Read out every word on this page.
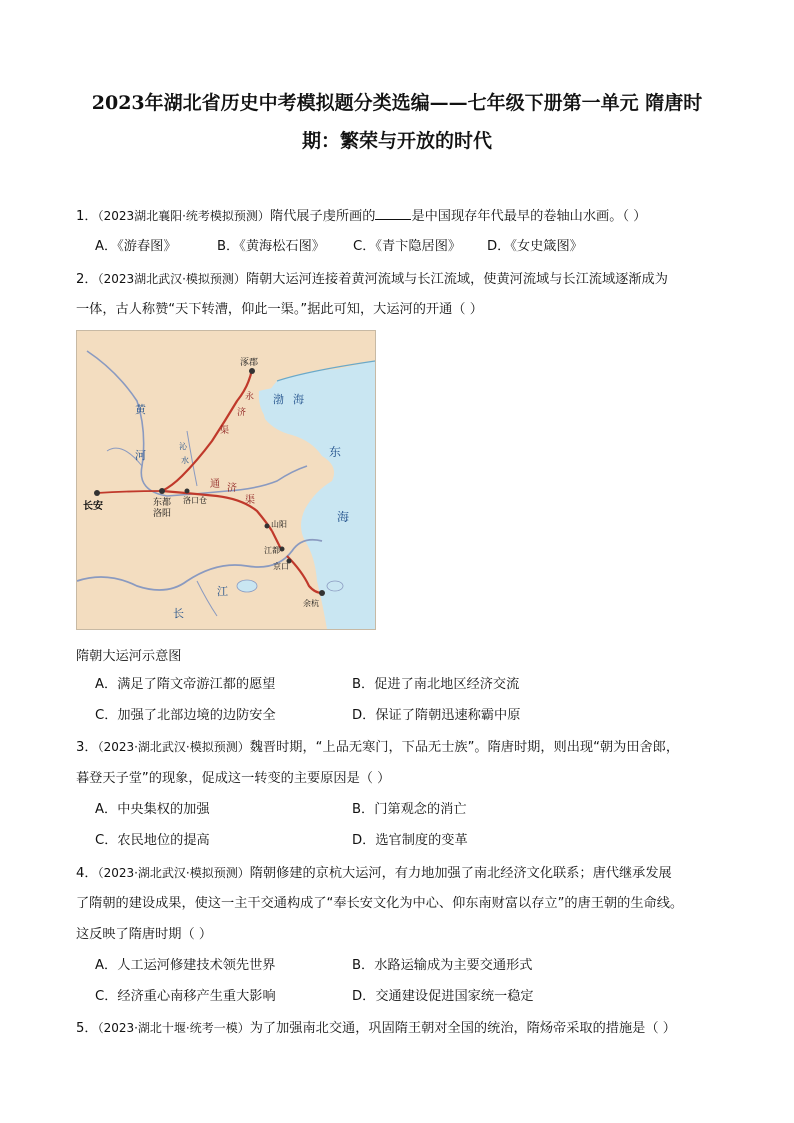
2023年湖北省历史中考模拟题分类选编——七年级下册第一单元 隋唐时
期：繁荣与开放的时代
1．（2023湖北襄阳·统考模拟预测）隋代展子虔所画的	是中国现存年代最早的卷轴山水画。（ ）
A．《游春图》	B．《黄海松石图》 C．《青卞隐居图》 D．《女史箴图》
2．（2023湖北武汉·模拟预测）隋朝大运河连接着黄河流域与长江流域，使黄河流域与长江流域逐渐成为
一体，古人称赞“天下转漕，仰此一渠。”据此可知，大运河的开通（ ）
涿郡
渤 海
黄
河
沁
水
永
济
渠
通 济
渠
长安	东都
洛阳
洛口仓
东
海
山阳
江都
京口
余杭
长
江
隋朝大运河示意图
A．满足了隋文帝游江都的愿望	B．促进了南北地区经济交流
C．加强了北部边境的边防安全	D．保证了隋朝迅速称霸中原
3．（2023·湖北武汉·模拟预测）魏晋时期，“上品无寒门，下品无士族”。隋唐时期，则出现“朝为田舍郎，
暮登天子堂”的现象，促成这一转变的主要原因是（ ）
A．中央集权的加强	B．门第观念的消亡
C．农民地位的提高	D．选官制度的变革
4．（2023·湖北武汉·模拟预测）隋朝修建的京杭大运河，有力地加强了南北经济文化联系；唐代继承发展
了隋朝的建设成果，使这一主干交通构成了“奉长安文化为中心、仰东南财富以存立”的唐王朝的生命线。
这反映了隋唐时期（ ）
A．人工运河修建技术领先世界	B．水路运输成为主要交通形式
C．经济重心南移产生重大影响	D．交通建设促进国家统一稳定
5．（2023·湖北十堰·统考一模）为了加强南北交通，巩固隋王朝对全国的统治，隋炀帝采取的措施是（ ）
